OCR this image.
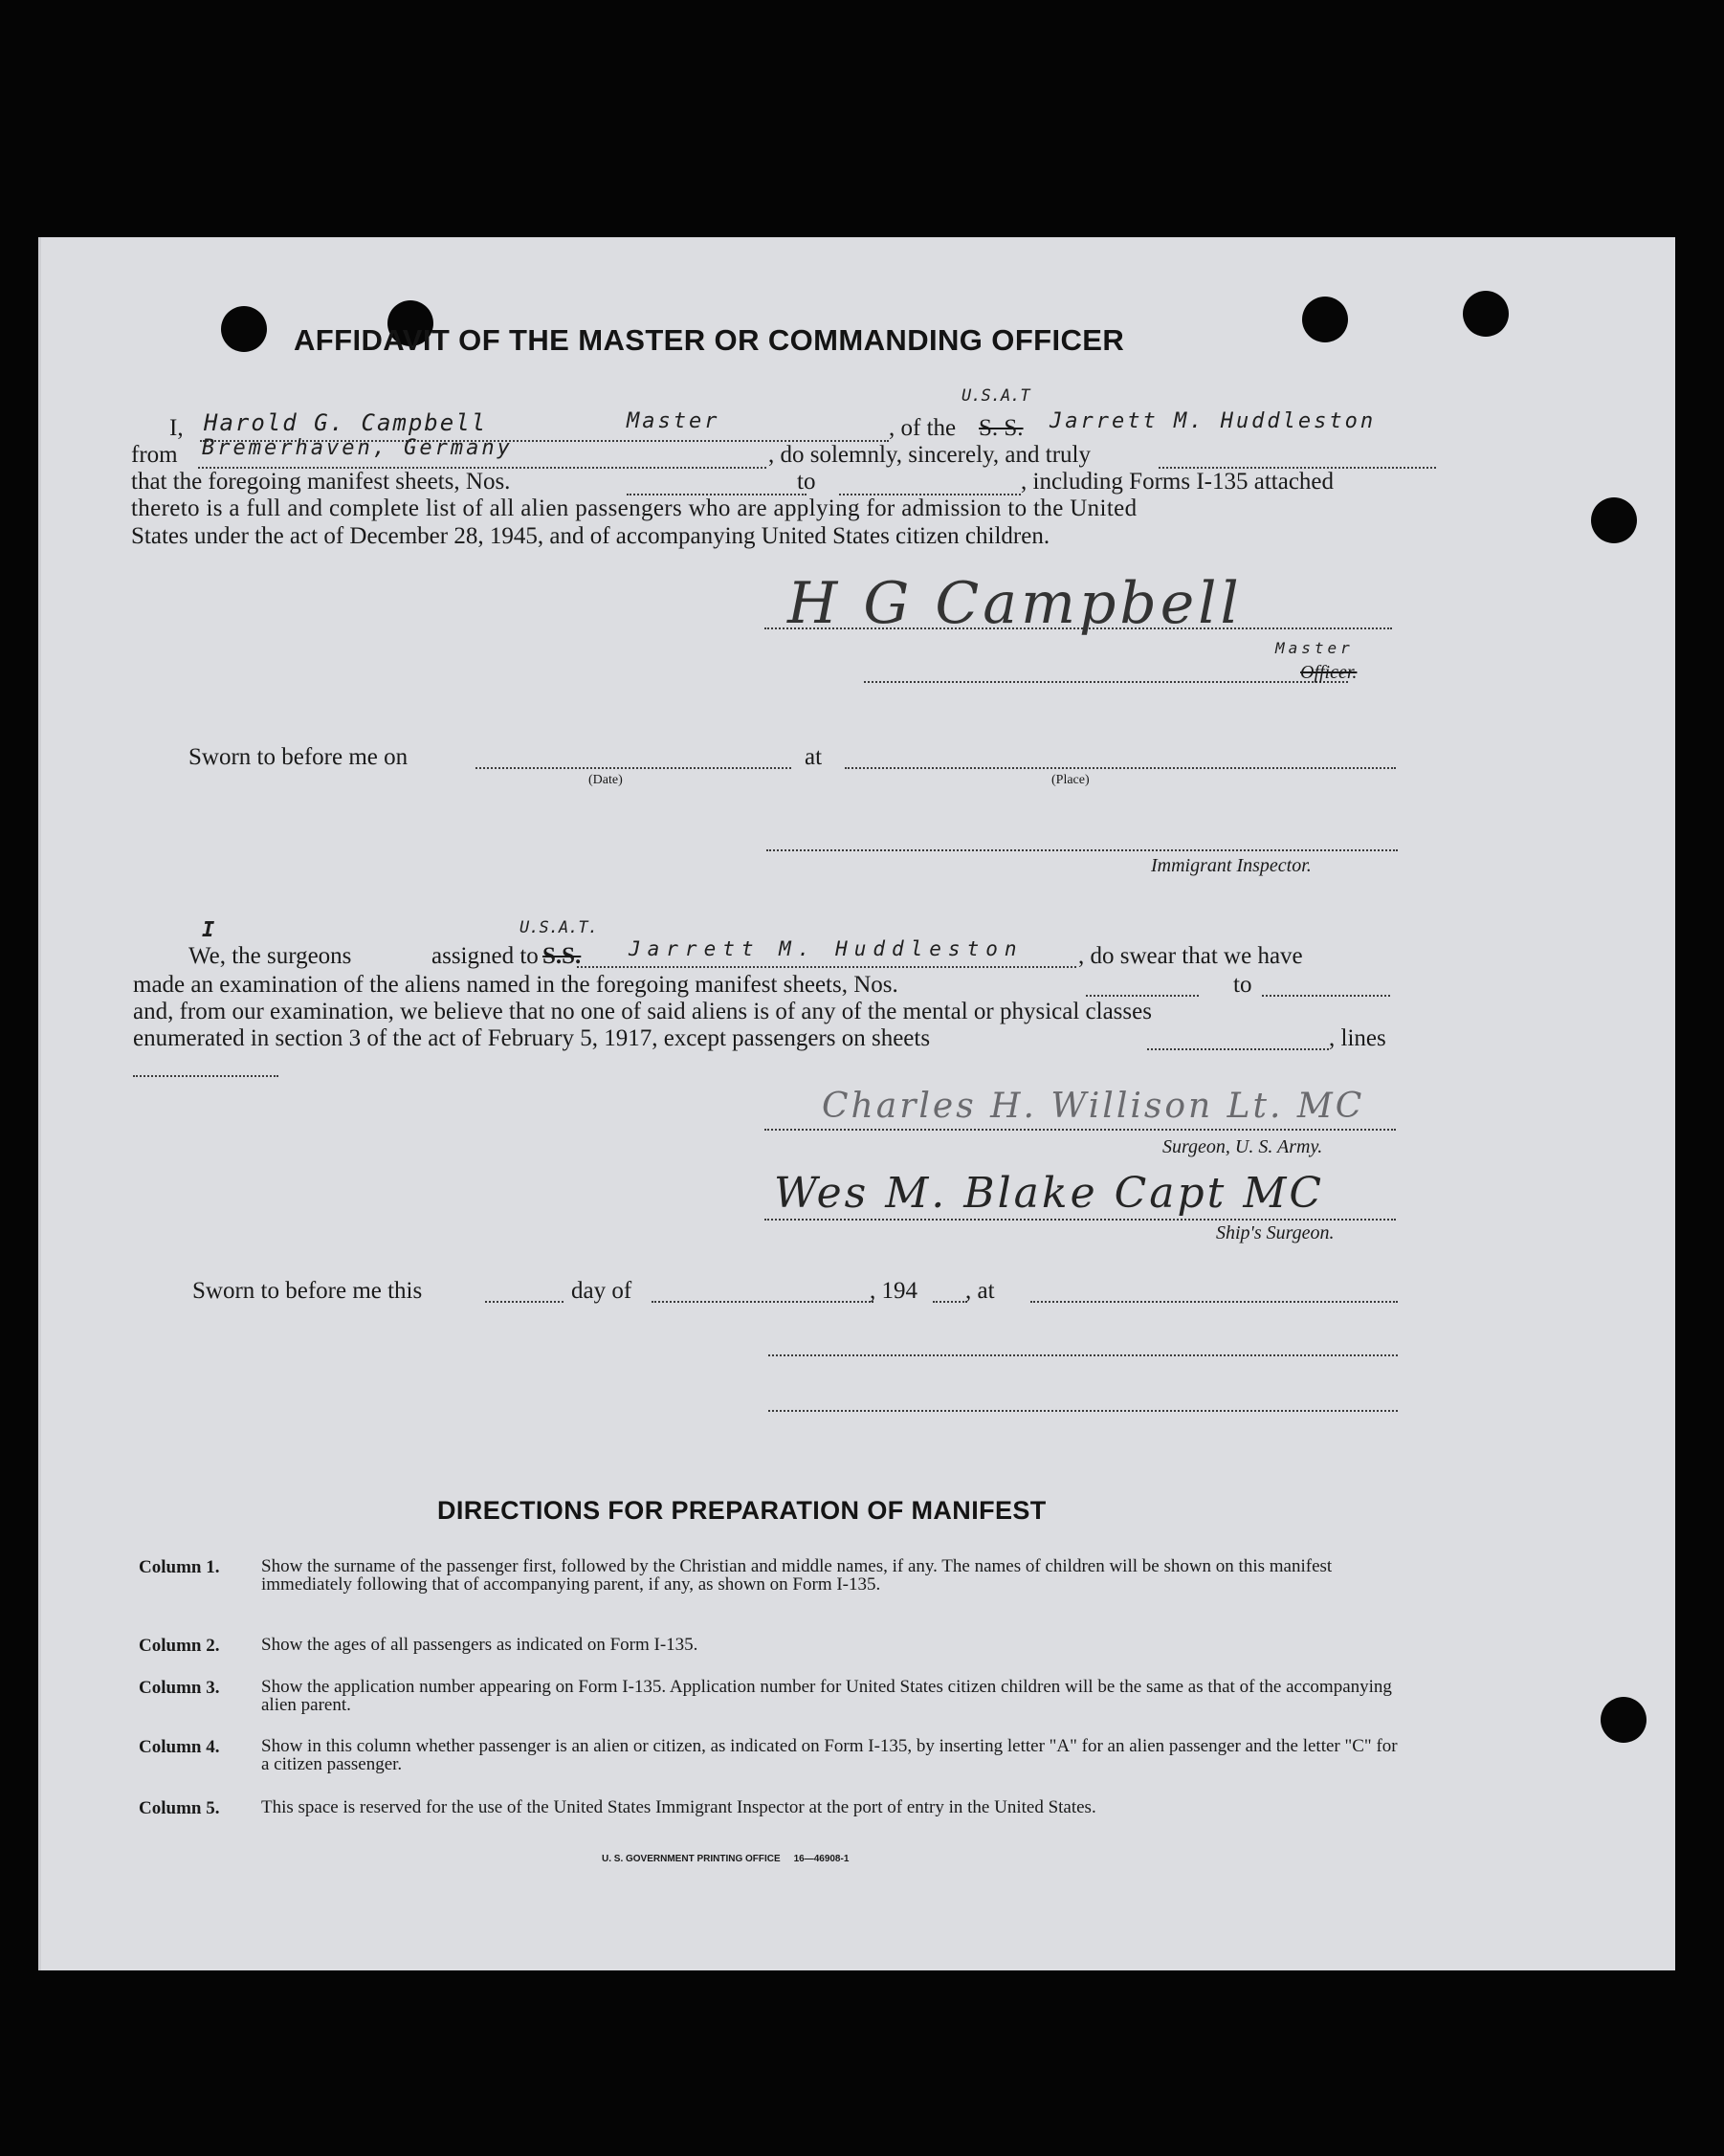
AFFIDAVIT OF THE MASTER OR COMMANDING OFFICER
I, Harold G. Campbell	Master	, of the S. S.
U.S.A.T
Jarrett M. Huddleston
from Bremerhaven, Germany	, do solemnly, sincerely, and truly
that the foregoing manifest sheets, Nos.	to	, including Forms I-135 attached
thereto is a full and complete list of all alien passengers who are applying for admission to the United
States under the act of December 28, 1945, and of accompanying United States citizen children.
H G Campbell
Master
Officer.
Sworn to before me on	at
(Date)	(Place)
Immigrant Inspector.
I
We, the surgeons	assigned to S.S.
U.S.A.T.
Jarrett M. Huddleston , do swear that we have
made an examination of the aliens named in the foregoing manifest sheets, Nos.	to
and, from our examination, we believe that no one of said aliens is of any of the mental or physical classes
enumerated in section 3 of the act of February 5, 1917, except passengers on sheets	, lines
Charles H. Willison Lt. MC
Surgeon, U. S. Army.
Wes M. Blake Capt MC
Ship's Surgeon.
Sworn to before me this	day of	, 194 , at
DIRECTIONS FOR PREPARATION OF MANIFEST
Column 1. Show the surname of the passenger first, followed by the Christian and middle names, if any. The names of children will be shown on this manifest immediately following that of accompanying parent, if any, as shown on Form I-135.
Column 2. Show the ages of all passengers as indicated on Form I-135.
Column 3. Show the application number appearing on Form I-135. Application number for United States citizen children will be the same as that of the accompanying alien parent.
Column 4. Show in this column whether passenger is an alien or citizen, as indicated on Form I-135, by inserting letter "A" for an alien passenger and the letter "C" for a citizen passenger.
Column 5. This space is reserved for the use of the United States Immigrant Inspector at the port of entry in the United States.
U. S. GOVERNMENT PRINTING OFFICE     16—46908-1
